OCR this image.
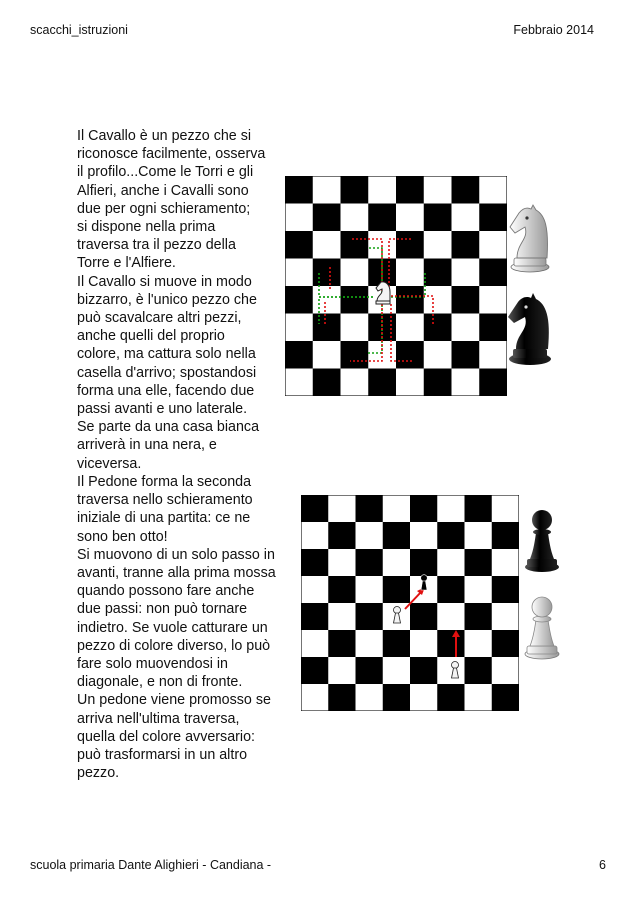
scacchi_istruzioni	Febbraio 2014
Il Cavallo è un pezzo che si
riconosce facilmente, osserva
il profilo...Come le Torri e gli
Alfieri, anche i Cavalli sono
due per ogni schieramento;
si dispone nella prima
traversa tra il pezzo della
Torre e l'Alfiere.
Il Cavallo si muove in modo
bizzarro, è l'unico pezzo che
può scavalcare altri pezzi,
anche quelli del proprio
colore, ma cattura solo nella
casella d'arrivo; spostandosi
forma una elle, facendo due
passi avanti e uno laterale.
Se parte da una casa bianca
arriverà in una nera, e
viceversa.
Il Pedone forma la seconda
traversa nello schieramento
iniziale di una partita: ce ne
sono ben otto!
Si muovono di un solo passo in
avanti, tranne alla prima mossa
quando possono fare anche
due passi: non può tornare
indietro. Se vuole catturare un
pezzo di colore diverso, lo può
fare solo muovendosi in
diagonale, e non di fronte.
Un pedone viene promosso se
arriva nell'ultima traversa,
quella del colore avversario:
può trasformarsi in un altro
pezzo.
scuola primaria Dante Alighieri - Candiana -	6
